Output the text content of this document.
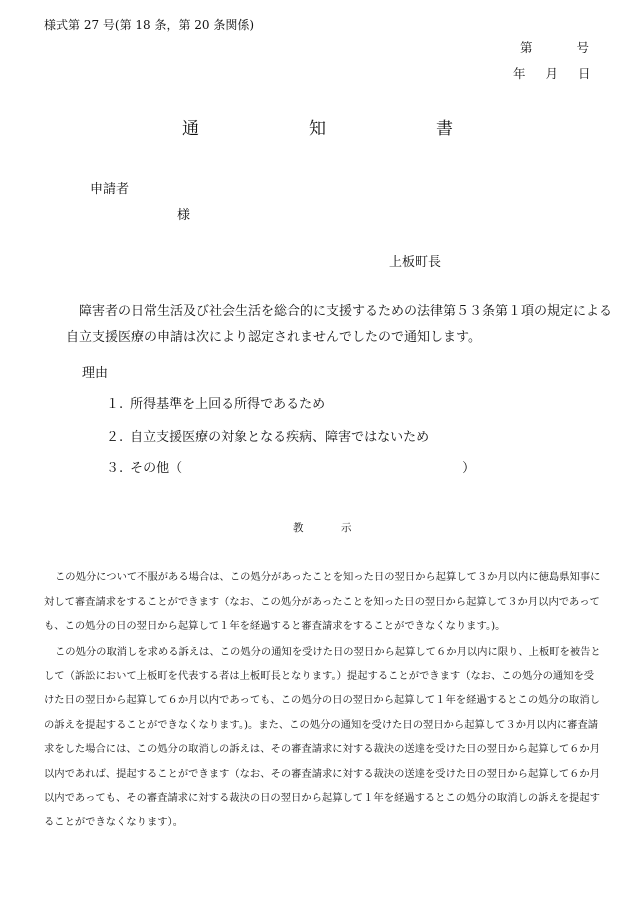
様式第 27 号(第 18 条，第 20 条関係)
第	号
年 月 日
通	知	書
申請者
様
上板町長
障害者の日常生活及び社会生活を総合的に支援するための法律第５３条第１項の規定による
自立支援医療の申請は次により認定されませんでしたので通知します。
理由
１. 所得基準を上回る所得であるため
２. 自立支援医療の対象となる疾病、障害ではないため
３. その他（	）
教	示
この処分について不服がある場合は、この処分があったことを知った日の翌日から起算して３か月以内に徳島県知事に
対して審査請求をすることができます（なお、この処分があったことを知った日の翌日から起算して３か月以内であって
も、この処分の日の翌日から起算して１年を経過すると審査請求をすることができなくなります。)。
この処分の取消しを求める訴えは、この処分の通知を受けた日の翌日から起算して６か月以内に限り、上板町を被告と
して（訴訟において上板町を代表する者は上板町長となります。）提起することができます（なお、この処分の通知を受
けた日の翌日から起算して６か月以内であっても、この処分の日の翌日から起算して１年を経過するとこの処分の取消し
の訴えを提起することができなくなります。)。また、この処分の通知を受けた日の翌日から起算して３か月以内に審査請
求をした場合には、この処分の取消しの訴えは、その審査請求に対する裁決の送達を受けた日の翌日から起算して６か月
以内であれば、提起することができます（なお、その審査請求に対する裁決の送達を受けた日の翌日から起算して６か月
以内であっても、その審査請求に対する裁決の日の翌日から起算して１年を経過するとこの処分の取消しの訴えを提起す
ることができなくなります）。
